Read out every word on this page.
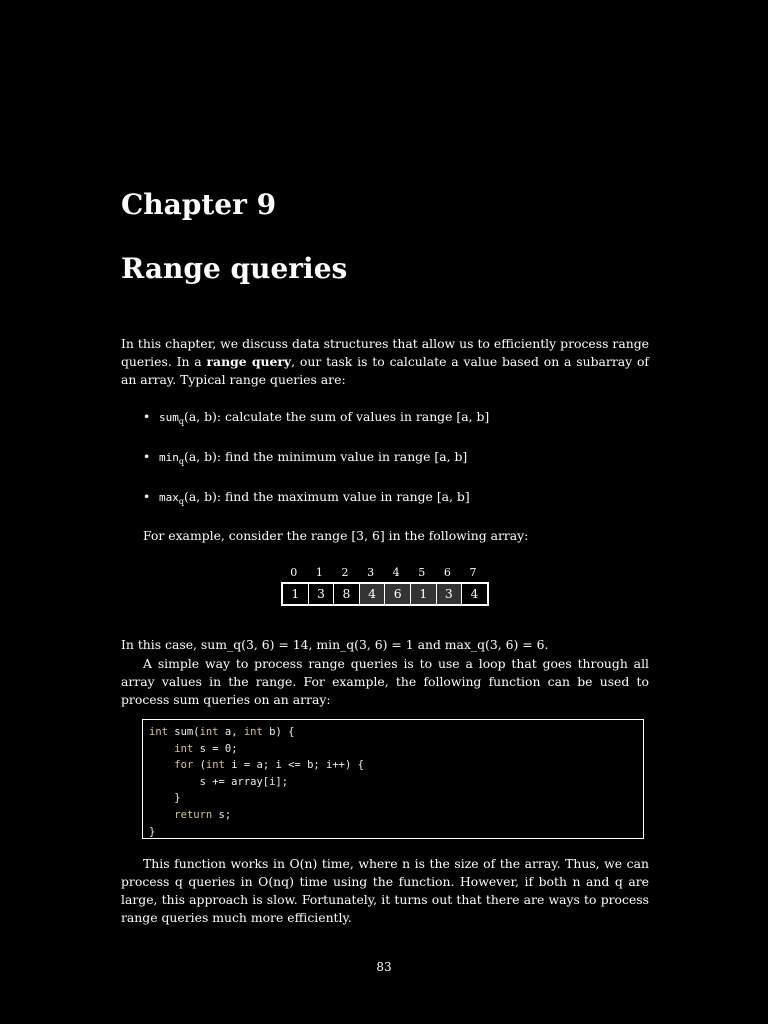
Chapter 9
Range queries
In this chapter, we discuss data structures that allow us to efficiently process range queries. In a range query, our task is to calculate a value based on a subarray of an array. Typical range queries are:
• sum$_q$(a, b): calculate the sum of values in range [a, b]
• $\min_q(a$, b): find the minimum value in range [a, b]
• $\max_q(a$, b): find the maximum value in range [a, b]
For example, consider the range [3, 6] in the following array:
0	1	2	3	4	5	6	7
1	3	8	4	6	1	3	4
In this case, sum_q(3, 6) = 14, min_q(3, 6) = 1 and max_q(3, 6) = 6.
A simple way to process range queries is to use a loop that goes through all array values in the range. For example, the following function can be used to process sum queries on an array:
int sum(int a, int b) {
int s = 0;
for (int i = a; i <= b; i++) {
s += array[i];
}
return s;
}
This function works in O(n) time, where n is the size of the array. Thus, we can process q queries in O(nq) time using the function. However, if both n and q are large, this approach is slow. Fortunately, it turns out that there are ways to process range queries much more efficiently.
83
